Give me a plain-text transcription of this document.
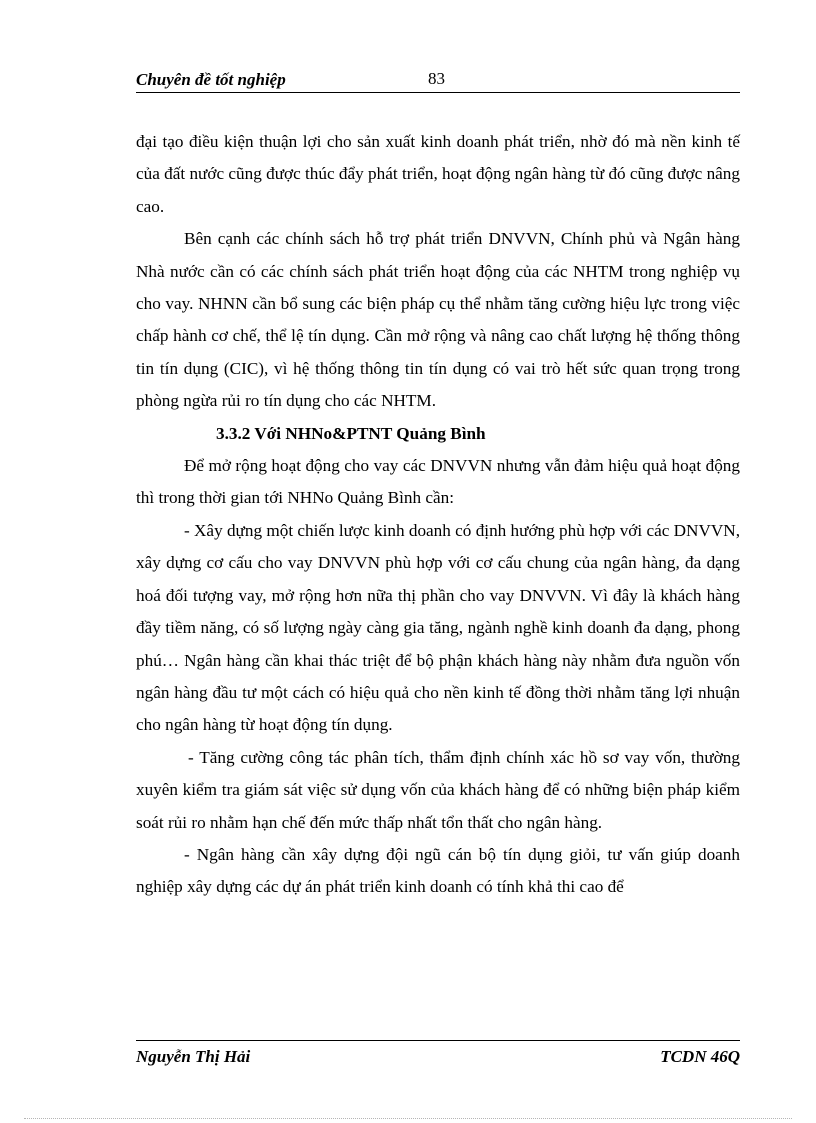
Chuyên đề tốt nghiệp	83

đại tạo điều kiện thuận lợi cho sản xuất kinh doanh phát triển, nhờ đó mà nền kinh tế của đất nước cũng được thúc đẩy phát triển, hoạt động ngân hàng từ đó cũng được nâng cao.

Bên cạnh các chính sách hỗ trợ phát triển DNVVN, Chính phủ và Ngân hàng Nhà nước cần có các chính sách phát triển hoạt động của các NHTM trong nghiệp vụ cho vay. NHNN cần bổ sung các biện pháp cụ thể nhằm tăng cường hiệu lực trong việc chấp hành cơ chế, thể lệ tín dụng. Cần mở rộng và nâng cao chất lượng hệ thống thông tin tín dụng (CIC), vì hệ thống thông tin tín dụng có vai trò hết sức quan trọng trong phòng ngừa rủi ro tín dụng cho các NHTM.

3.3.2 Với NHNo&PTNT Quảng Bình

Để mở rộng hoạt động cho vay các DNVVN nhưng vẫn đảm hiệu quả hoạt động thì trong thời gian tới NHNo Quảng Bình cần:

- Xây dựng một chiến lược kinh doanh có định hướng phù hợp với các DNVVN, xây dựng cơ cấu cho vay DNVVN phù hợp với cơ cấu chung của ngân hàng, đa dạng hoá đối tượng vay, mở rộng hơn nữa thị phần cho vay DNVVN. Vì đây là khách hàng đầy tiềm năng, có số lượng ngày càng gia tăng, ngành nghề kinh doanh đa dạng, phong phú… Ngân hàng cần khai thác triệt để bộ phận khách hàng này nhằm đưa nguồn vốn ngân hàng đầu tư một cách có hiệu quả cho nền kinh tế đồng thời nhằm tăng lợi nhuận cho ngân hàng từ hoạt động tín dụng.

- Tăng cường công tác phân tích, thẩm định chính xác hồ sơ vay vốn, thường xuyên kiểm tra giám sát việc sử dụng vốn của khách hàng để có những biện pháp kiểm soát rủi ro nhằm hạn chế đến mức thấp nhất tổn thất cho ngân hàng.

- Ngân hàng cần xây dựng đội ngũ cán bộ tín dụng giỏi, tư vấn giúp doanh nghiệp xây dựng các dự án phát triển kinh doanh có tính khả thi cao để

Nguyễn Thị Hải	TCDN 46Q
